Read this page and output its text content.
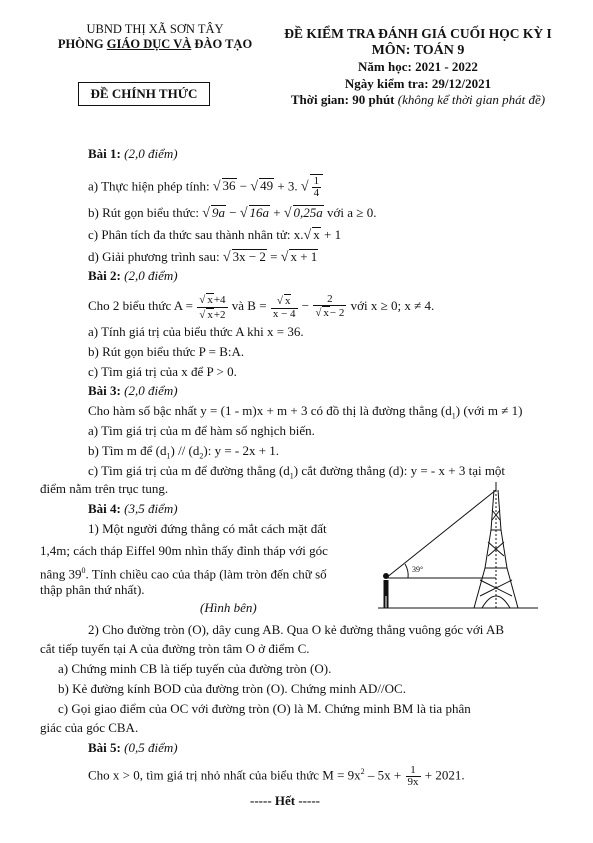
UBND THỊ XÃ SƠN TÂY
PHÒNG GIÁO DỤC VÀ ĐÀO TẠO
ĐỀ CHÍNH THỨC
ĐỀ KIỂM TRA ĐÁNH GIÁ CUỐI HỌC KỲ I
MÔN: TOÁN 9
Năm học: 2021 - 2022
Ngày kiểm tra: 29/12/2021
Thời gian: 90 phút (không kể thời gian phát đề)
Bài 1: (2,0 điểm)
a) Thực hiện phép tính: √ 36 − √ 49 + 3. √ $\frac{1}{4}$
b) Rút gọn biểu thức: √ 9a − √ 16a + √ 0,25a với a ≥ 0.
c) Phân tích đa thức sau thành nhân tử: x.√ x + 1
d) Giải phương trình sau: √ 3x − 2 = √ x + 1
Bài 2: (2,0 điểm)
Cho 2 biểu thức $A = \frac{√ x+4}{√ x+2}$ và $B = \frac{√ x}{x - 4} - \frac{2}{√ x- 2}$ với x ≥ 0; x ≠ 4.
a) Tính giá trị của biểu thức A khi x = 36.
b) Rút gọn biểu thức P = B:A.
c) Tìm giá trị của x để P > 0.
Bài 3: (2,0 điểm)
Cho hàm số bậc nhất y = (1 - m)x + m + 3 có đồ thị là đường thẳng $(d_1)$ (với m ≠ 1)
a) Tìm giá trị của m để hàm số nghịch biến.
b) Tìm m để $(d_1) // (d_2)$: y = - 2x + 1.
c) Tìm giá trị của m để đường thẳng $(d_1)$ cắt đường thẳng (d): y = - x + 3 tại một
điểm nằm trên trục tung.
Bài 4: (3,5 điểm)
1) Một người đứng thẳng có mắt cách mặt đất
1,4m; cách tháp Eiffel 90m nhìn thấy đỉnh tháp với góc
nâng $39^0$. Tính chiều cao của tháp (làm tròn đến chữ số
thập phân thứ nhất).
(Hình bên)
39°
2) Cho đường tròn (O), dây cung AB. Qua O kẻ đường thẳng vuông góc với AB
cắt tiếp tuyến tại A của đường tròn tâm O ở điểm C.
a) Chứng minh CB là tiếp tuyến của đường tròn (O).
b) Kẻ đường kính BOD của đường tròn (O). Chứng minh AD//OC.
c) Gọi giao điểm của OC với đường tròn (O) là M. Chứng minh BM là tia phân
giác của góc CBA.
Bài 5: (0,5 điểm)
Cho x > 0, tìm giá trị nhỏ nhất của biểu thức $M = 9x^2 - 5x + \frac{1}{9x} + 2021$.
----- Hết -----
